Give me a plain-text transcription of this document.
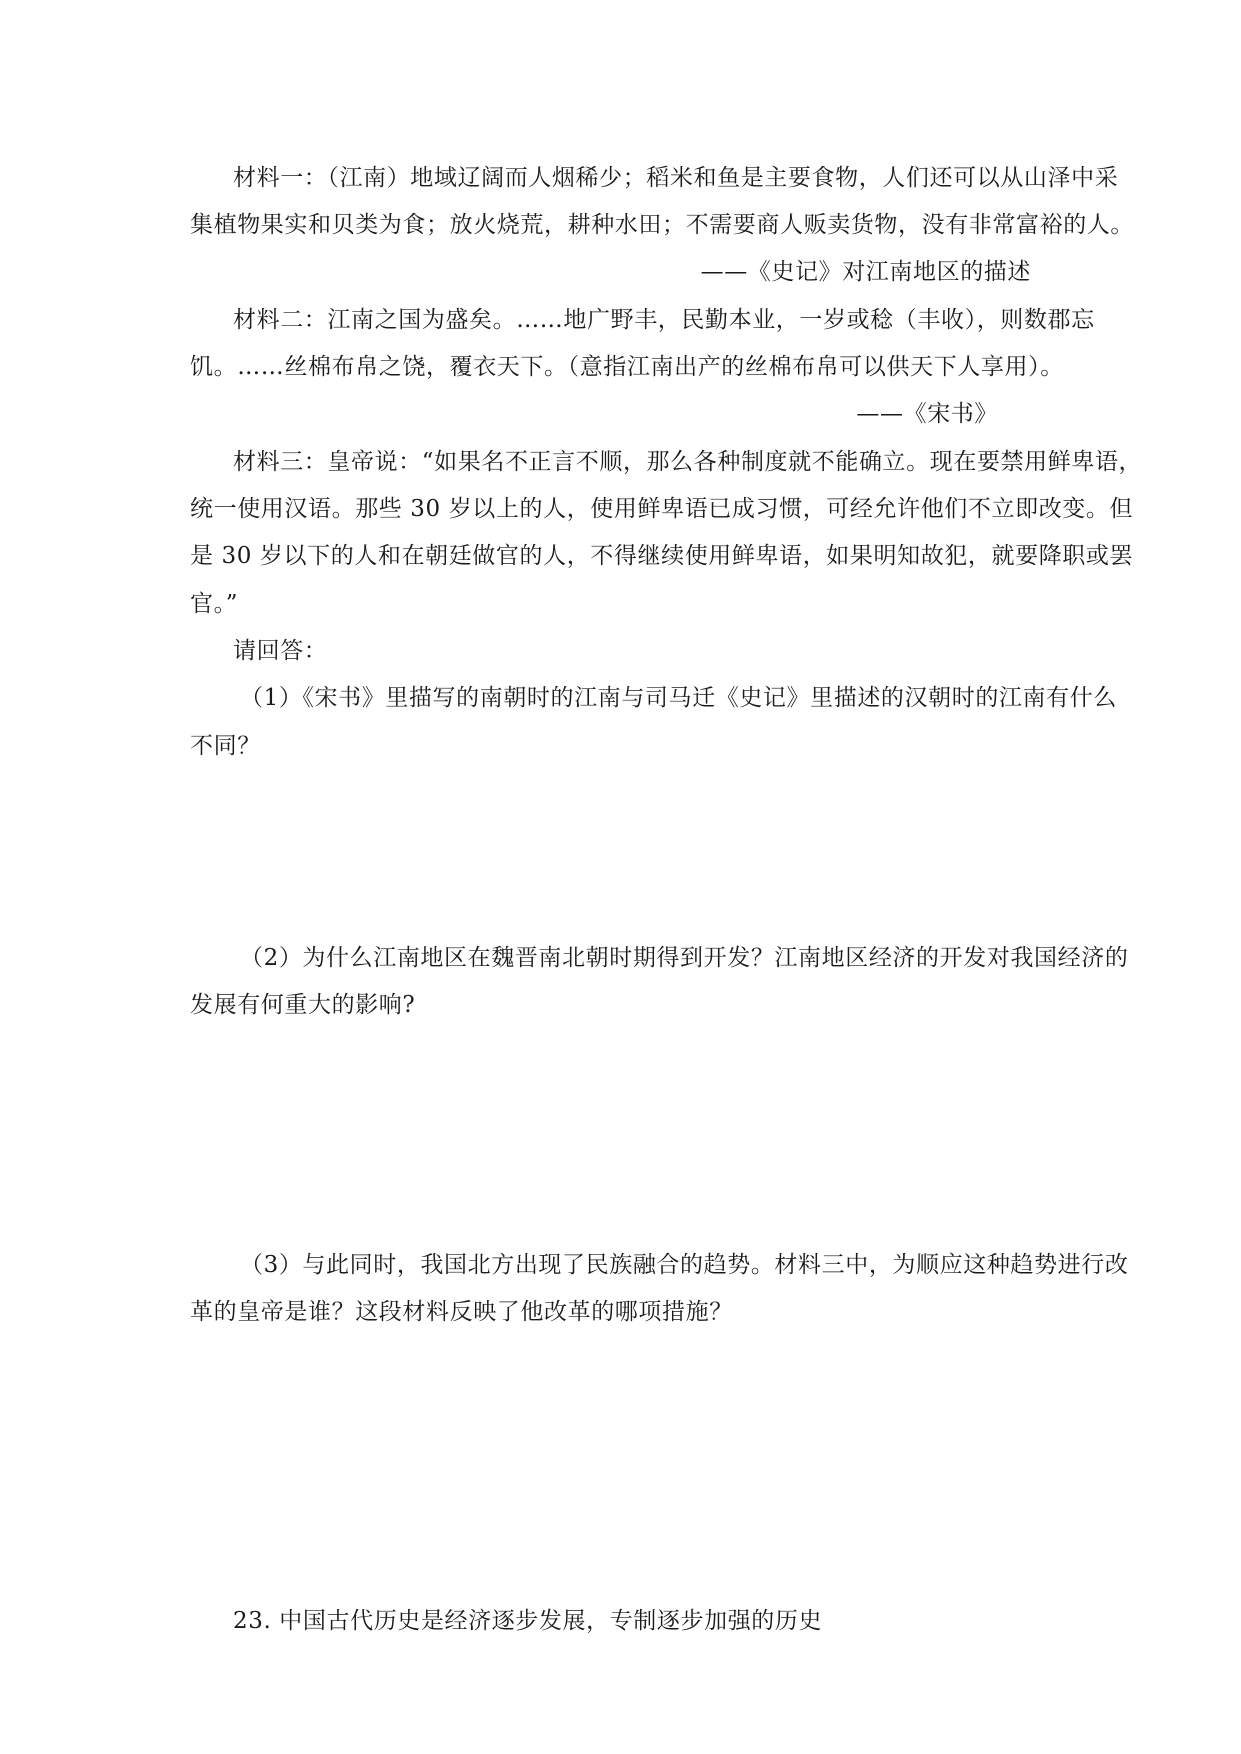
材料一：（江南）地域辽阔而人烟稀少；稻米和鱼是主要食物，人们还可以从山泽中采
集植物果实和贝类为食；放火烧荒，耕种水田；不需要商人贩卖货物，没有非常富裕的人。
——《史记》对江南地区的描述
材料二：江南之国为盛矣。……地广野丰，民勤本业，一岁或稔（丰收），则数郡忘
饥。……丝棉布帛之饶，覆衣天下。（意指江南出产的丝棉布帛可以供天下人享用）。
——《宋书》
材料三：皇帝说：“如果名不正言不顺，那么各种制度就不能确立。现在要禁用鲜卑语，
统一使用汉语。那些 30 岁以上的人，使用鲜卑语已成习惯，可经允许他们不立即改变。但
是 30 岁以下的人和在朝廷做官的人，不得继续使用鲜卑语，如果明知故犯，就要降职或罢
官。”
请回答：
（1）《宋书》里描写的南朝时的江南与司马迁《史记》里描述的汉朝时的江南有什么
不同？
（2）为什么江南地区在魏晋南北朝时期得到开发？江南地区经济的开发对我国经济的
发展有何重大的影响?
（3）与此同时，我国北方出现了民族融合的趋势。材料三中，为顺应这种趋势进行改
革的皇帝是谁？这段材料反映了他改革的哪项措施？
23. 中国古代历史是经济逐步发展，专制逐步加强的历史
